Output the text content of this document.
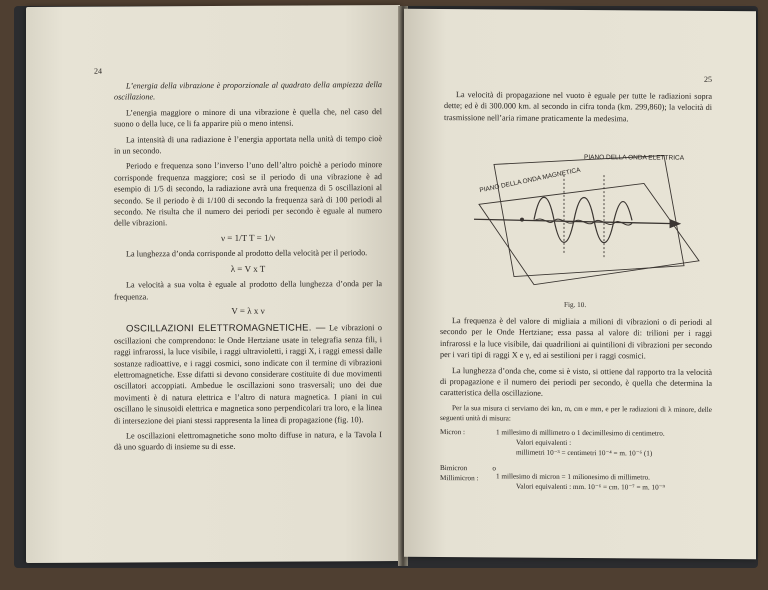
24

L’energia della vibrazione è proporzionale al quadrato della ampiezza della oscillazione.

L’energia maggiore o minore di una vibrazione è quella che, nel caso del suono o della luce, ce li fa apparire più o meno intensi.

La intensità di una radiazione è l’energia apportata nella unità di tempo cioè in un secondo.

Periodo e frequenza sono l’inverso l’uno dell’altro poichè a periodo minore corrisponde frequenza maggiore; così se il periodo di una vibrazione è ad esempio di 1/5 di secondo, la radiazione avrà una frequenza di 5 oscillazioni al secondo. Se il periodo è di 1/100 di secondo la frequenza sarà di 100 periodi al secondo. Ne risulta che il numero dei periodi per secondo è eguale al numero delle vibrazioni.

ν = 1/T T = 1/ν

La lunghezza d’onda corrisponde al prodotto della velocità per il periodo.

λ = V x T

La velocità a sua volta è eguale al prodotto della lunghezza d’onda per la frequenza.

V = λ x ν

OSCILLAZIONI ELETTROMAGNETICHE. — Le vibrazioni o oscillazioni che comprendono: le Onde Hertziane usate in telegrafia senza fili, i raggi infrarossi, la luce visibile, i raggi ultravioletti, i raggi X, i raggi emessi dalle sostanze radioattive, e i raggi cosmici, sono indicate con il termine di vibrazioni elettromagnetiche. Esse difatti si devono considerare costituite di due movimenti oscillatori accoppiati. Ambedue le oscillazioni sono trasversali; uno dei due movimenti è di natura elettrica e l’altro di natura magnetica. I piani in cui oscillano le sinusoidi elettrica e magnetica sono perpendicolari tra loro, e la linea di intersezione dei piani stessi rappresenta la linea di propagazione (fig. 10).

Le oscillazioni elettromagnetiche sono molto diffuse in natura, e la Tavola I dà uno sguardo di insieme su di esse.

25

La velocità di propagazione nel vuoto è eguale per tutte le radiazioni sopra dette; ed è di 300.000 km. al secondo in cifra tonda (km. 299,860); la velocità di trasmissione nell’aria rimane praticamente la medesima.

PIANO DELLA ONDA ELETTRICA
PIANO DELLA ONDA MAGNETICA
Fig. 10.

La frequenza è del valore di migliaia a milioni di vibrazioni o di periodi al secondo per le Onde Hertziane; essa passa al valore di: trilioni per i raggi infrarossi e la luce visibile, dai quadrilioni ai quintilioni di vibrazioni per secondo per i vari tipi di raggi X e γ, ed ai sestilioni per i raggi cosmici.

La lunghezza d’onda che, come si è visto, si ottiene dal rapporto tra la velocità di propagazione e il numero dei periodi per secondo, è quella che determina la caratteristica della oscillazione.

Per la sua misura ci serviamo dei km, m, cm e mm, e per le radiazioni di λ minore, delle seguenti unità di misura:

Micron :	1 millesimo di millimetro o 1 decimillesimo di centimetro.
Valori equivalenti :
millimetri 10⁻³ = centimetri 10⁻⁴ = m. 10⁻⁶ (1)

Bimicron o Millimicron :	1 millesimo di micron = 1 milionesimo di millimetro.
Valori equivalenti : mm. 10⁻⁶ = cm. 10⁻⁷ = m. 10⁻⁹
